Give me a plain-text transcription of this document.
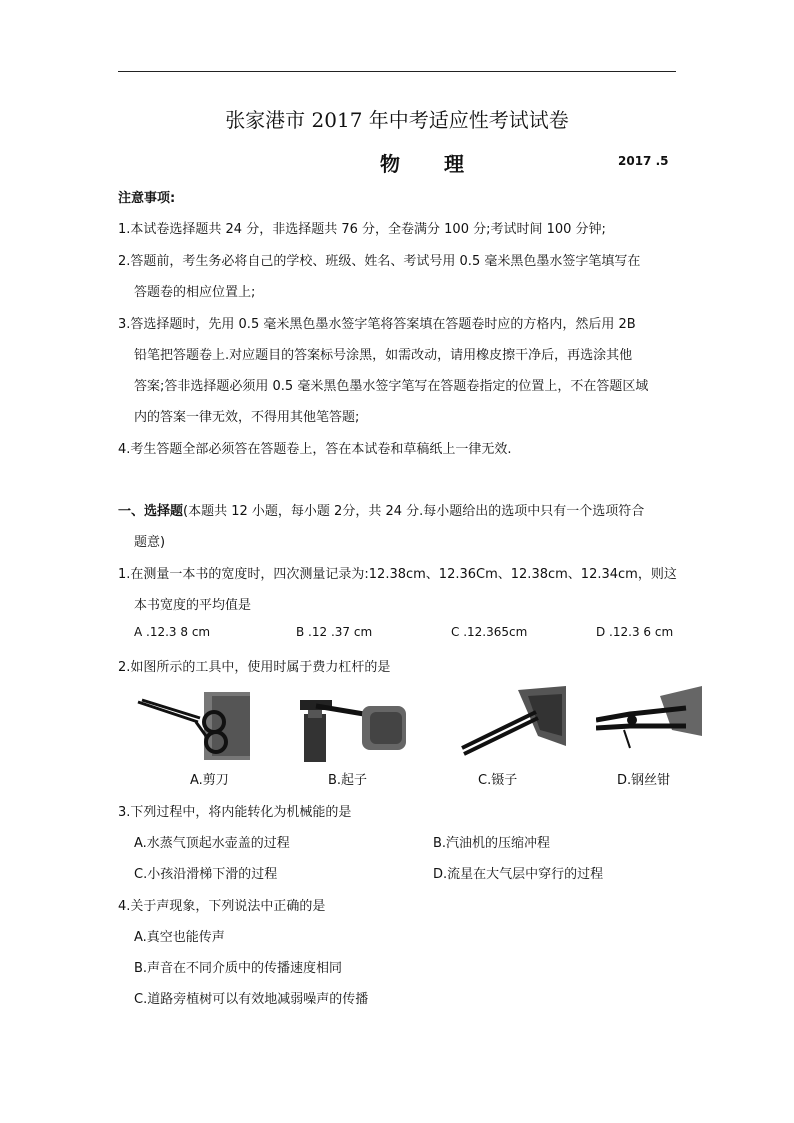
张家港市 2017 年中考适应性考试试卷
物 理	2017 .5
注意事项:
1.本试卷选择题共 24 分，非选择题共 76 分，全卷满分 100 分;考试时间 100 分钟;
2.答题前，考生务必将自己的学校、班级、姓名、考试号用 0.5 毫米黑色墨水签字笔填写在
答题卷的相应位置上;
3.答选择题时，先用 0.5 毫米黑色墨水签字笔将答案填在答题卷时应的方格内，然后用 2B
铅笔把答题卷上.对应题目的答案标号涂黑，如需改动，请用橡皮擦干净后，再选涂其他
答案;答非选择题必须用 0.5 毫米黑色墨水签字笔写在答题卷指定的位置上，不在答题区域
内的答案一律无效，不得用其他笔答题;
4.考生答题全部必须答在答题卷上，答在本试卷和草稿纸上一律无效.
一、选择题(本题共 12 小题，每小题 2分，共 24 分.每小题给出的选项中只有一个选项符合
题意)
1.在测量一本书的宽度时，四次测量记录为:12.38cm、12.36Cm、12.38cm、12.34cm，则这
本书宽度的平均值是
A .12.3 8 cm	B .12 .37 cm	C .12.365cm	D .12.3 6 cm
2.如图所示的工具中，使用时属于费力杠杆的是
A.剪刀	B.起子	C.镊子	D.钢丝钳
3.下列过程中，将内能转化为机械能的是
A.水蒸气顶起水壶盖的过程	B.汽油机的压缩冲程
C.小孩沿滑梯下滑的过程	D.流星在大气层中穿行的过程
4.关于声现象，下列说法中正确的是
A.真空也能传声
B.声音在不同介质中的传播速度相同
C.道路旁植树可以有效地减弱噪声的传播
